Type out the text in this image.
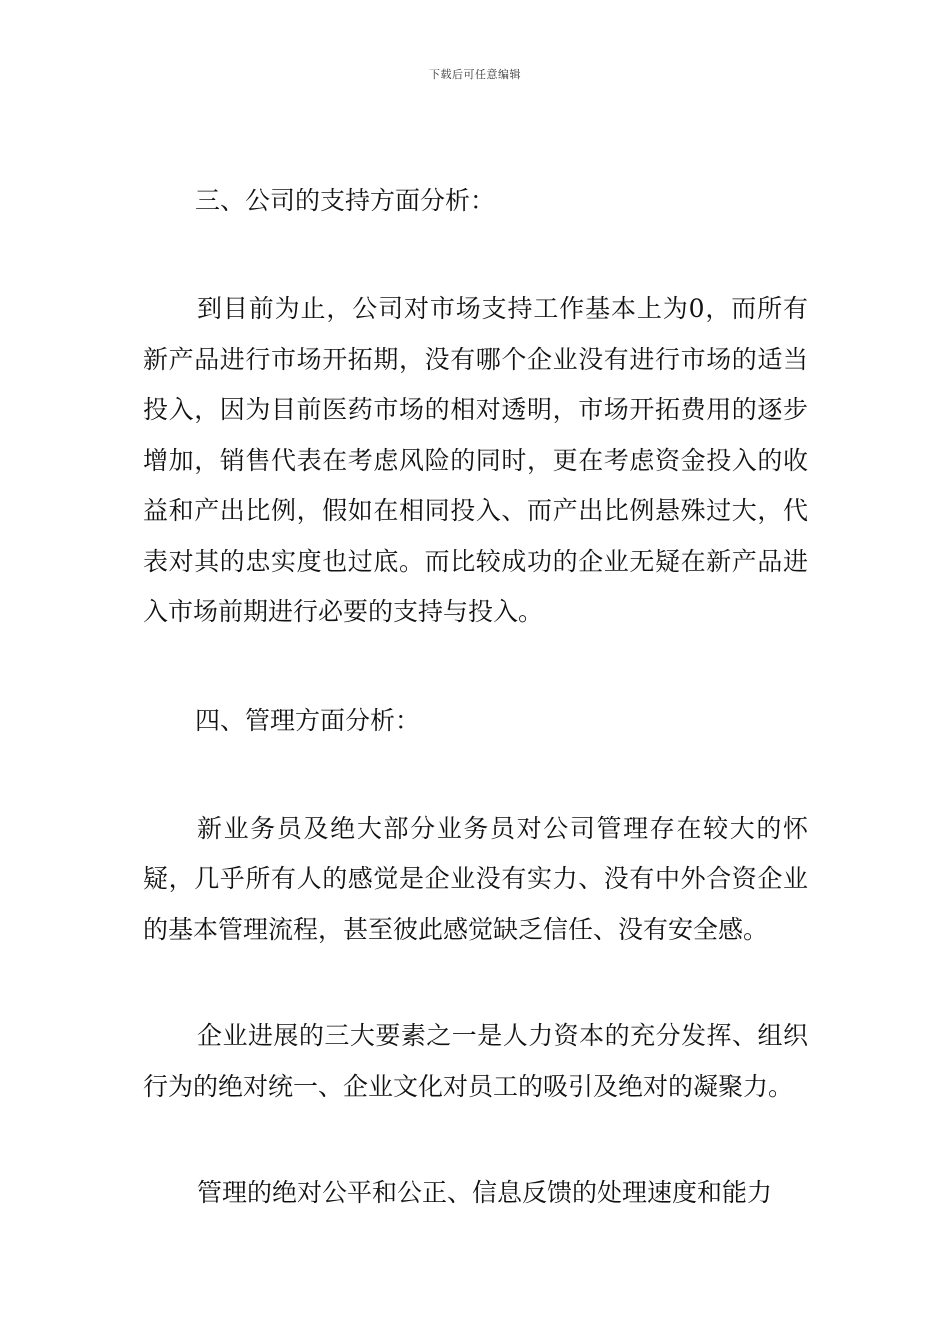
下载后可任意编辑
三、公司的支持方面分析：

到目前为止，公司对市场支持工作基本上为0，而所有新产品进行市场开拓期，没有哪个企业没有进行市场的适当投入，因为目前医药市场的相对透明，市场开拓费用的逐步增加，销售代表在考虑风险的同时，更在考虑资金投入的收益和产出比例，假如在相同投入、而产出比例悬殊过大，代表对其的忠实度也过底。而比较成功的企业无疑在新产品进入市场前期进行必要的支持与投入。

四、管理方面分析：

新业务员及绝大部分业务员对公司管理存在较大的怀疑，几乎所有人的感觉是企业没有实力、没有中外合资企业的基本管理流程，甚至彼此感觉缺乏信任、没有安全感。

企业进展的三大要素之一是人力资本的充分发挥、组织行为的绝对统一、企业文化对员工的吸引及绝对的凝聚力。

管理的绝对公平和公正、信息反馈的处理速度和能力
